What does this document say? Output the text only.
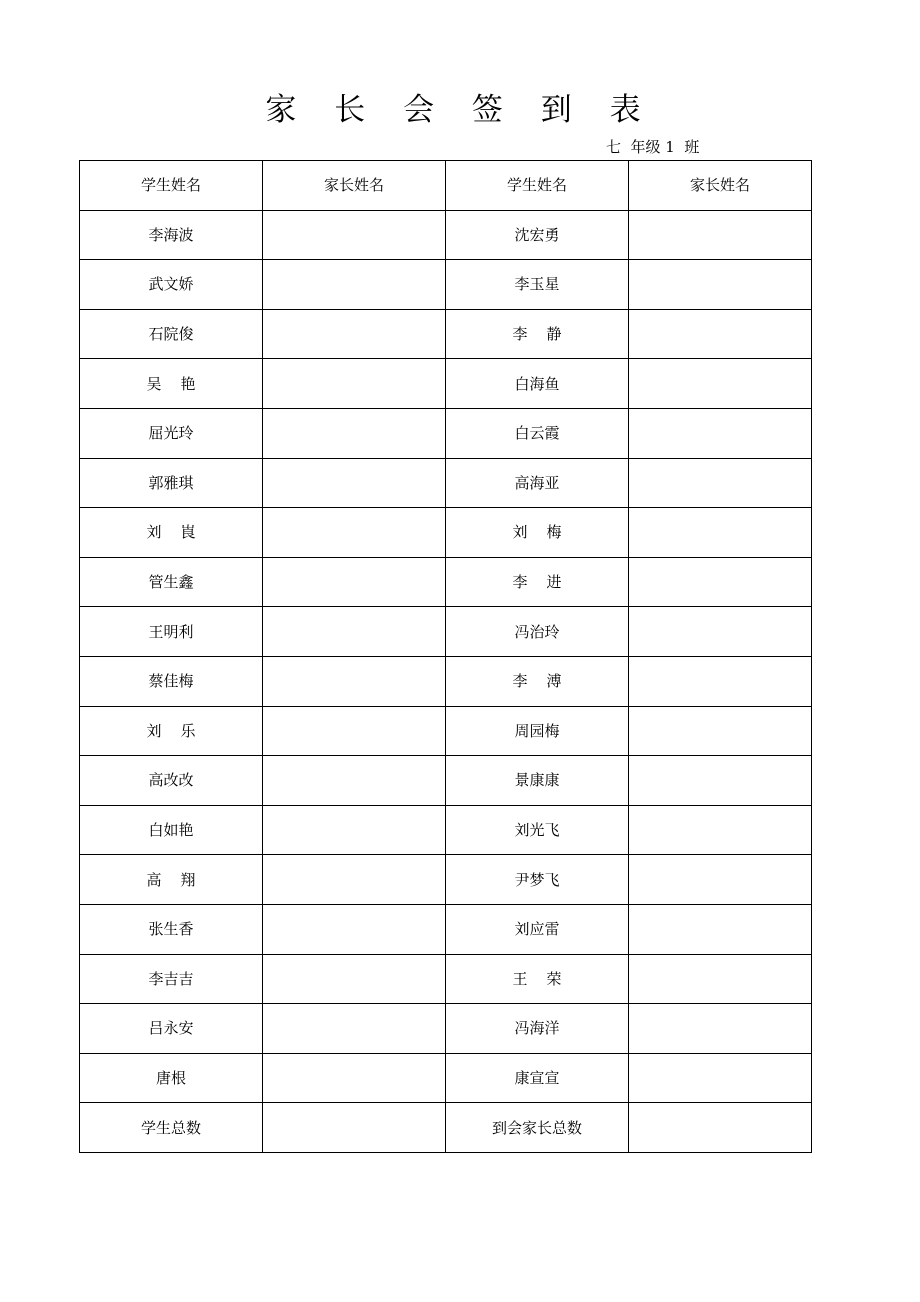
家 长 会 签 到 表
七  年级 1  班
学生姓名	家长姓名	学生姓名	家长姓名
李海波		沈宏勇	
武文娇		李玉星	
石院俊		李    静	
吴    艳		白海鱼	
屈光玲		白云霞	
郭雅琪		高海亚	
刘    崀		刘    梅	
管生鑫		李    进	
王明利		冯治玲	
蔡佳梅		李    溥	
刘    乐		周园梅	
高改改		景康康	
白如艳		刘光飞	
高    翔		尹梦飞	
张生香		刘应雷	
李吉吉		王    荣	
吕永安		冯海洋	
唐根		康宣宣	
学生总数		到会家长总数	
